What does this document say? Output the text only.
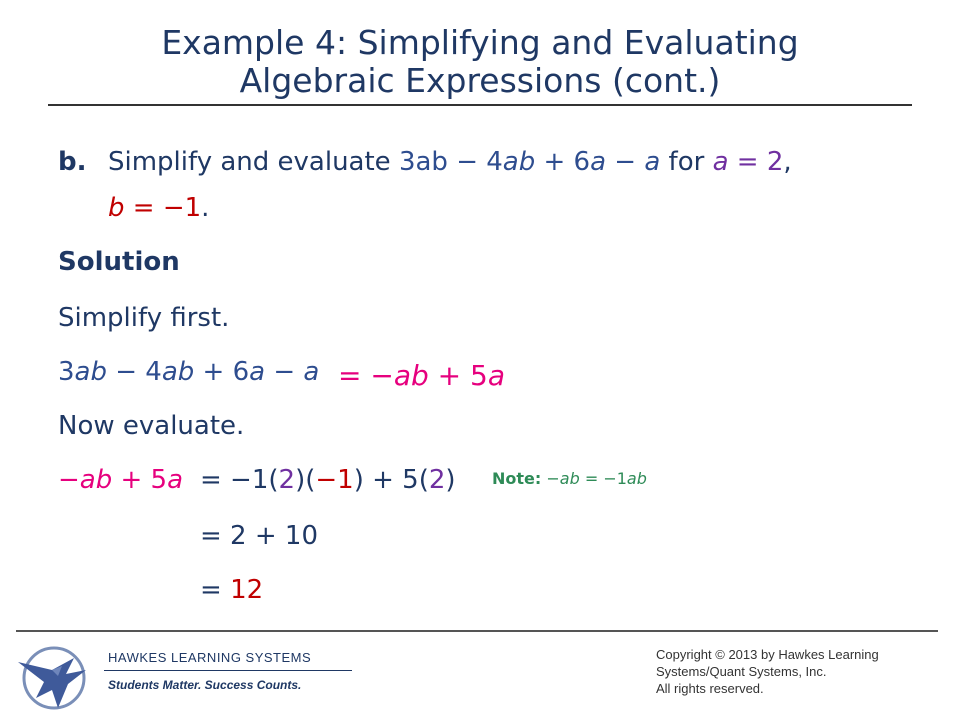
Example 4: Simplifying and Evaluating
Algebraic Expressions (cont.)
b. Simplify and evaluate 3ab − 4ab + 6a − a for a = 2,
b = −1.
Solution
Simplify first.
3ab − 4ab + 6a − a = −ab + 5a
Now evaluate.
−ab + 5a = −1(2)(−1) + 5(2) Note: −ab = −1ab
= 2 + 10
= 12
HAWKES LEARNING SYSTEMS
Students Matter. Success Counts.
Copyright © 2013 by Hawkes Learning
Systems/Quant Systems, Inc.
All rights reserved.
